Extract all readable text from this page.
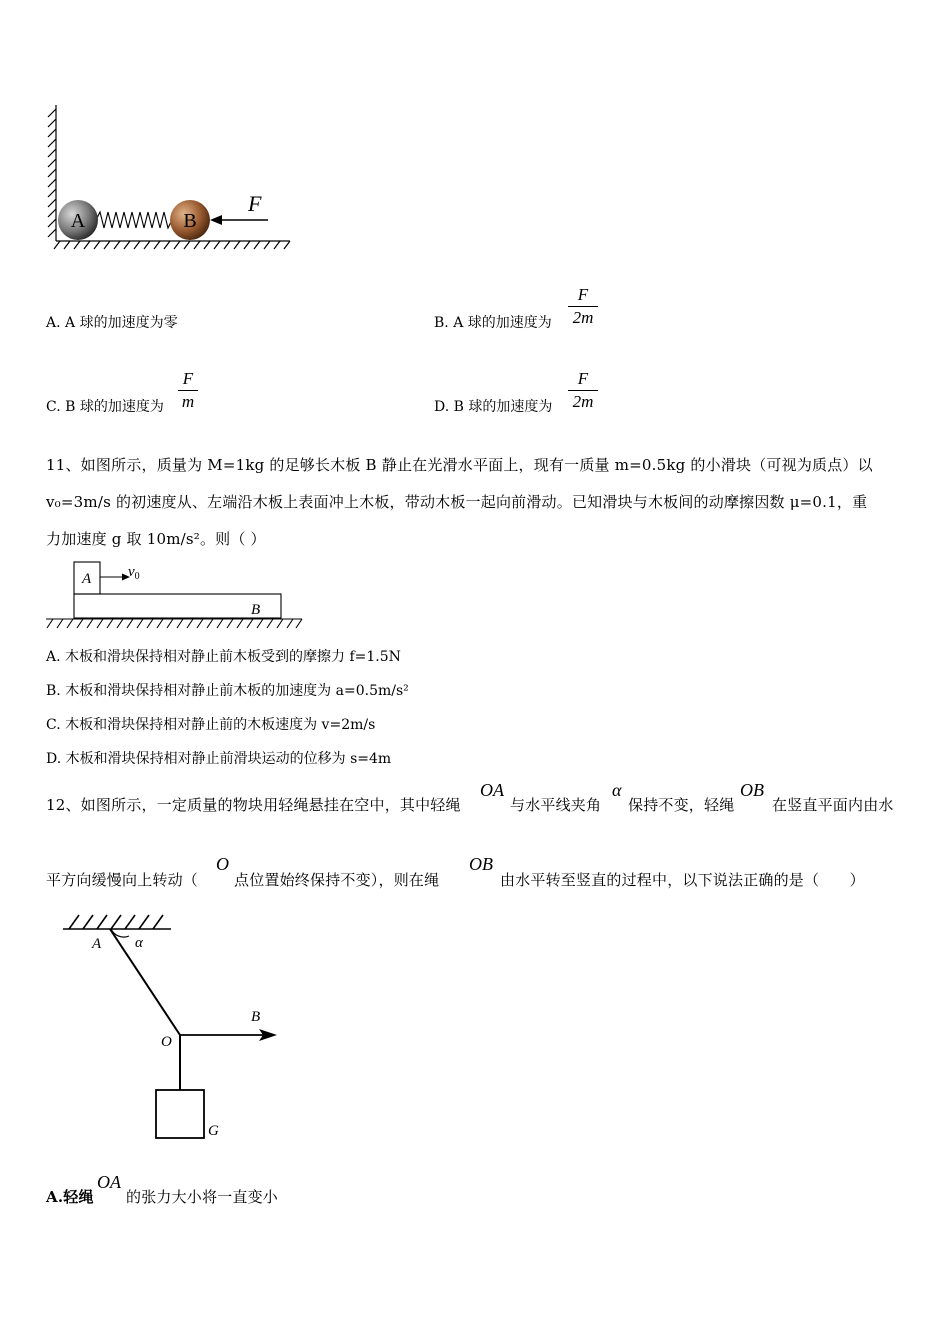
A	B
F
A. A 球的加速度为零	B. A 球的加速度为 $\frac{F}{2m}$
C. B 球的加速度为 $\frac{F}{m}$	D. B 球的加速度为 $\frac{F}{2m}$
11、如图所示，质量为 M=1kg 的足够长木板 B 静止在光滑水平面上，现有一质量 m=0.5kg 的小滑块（可视为质点）以
v₀=3m/s 的初速度从、左端沿木板上表面冲上木板，带动木板一起向前滑动。已知滑块与木板间的动摩擦因数 μ=0.1，重
力加速度 g 取 10m/s²。则（ ）
A $v_0$
B
A. 木板和滑块保持相对静止前木板受到的摩擦力 f=1.5N
B. 木板和滑块保持相对静止前木板的加速度为 a=0.5m/s²
C. 木板和滑块保持相对静止前的木板速度为 v=2m/s
D. 木板和滑块保持相对静止前滑块运动的位移为 s=4m
12、如图所示，一定质量的物块用轻绳悬挂在空中，其中轻绳
OA
与水平线夹角
α
保持不变，轻绳
OB
在竖直平面内由水
平方向缓慢向上转动（
O
点位置始终保持不变），则在绳
OB
由水平转至竖直的过程中，以下说法正确的是（　　）
A α
B
O
G
A.轻绳
OA
的张力大小将一直变小
